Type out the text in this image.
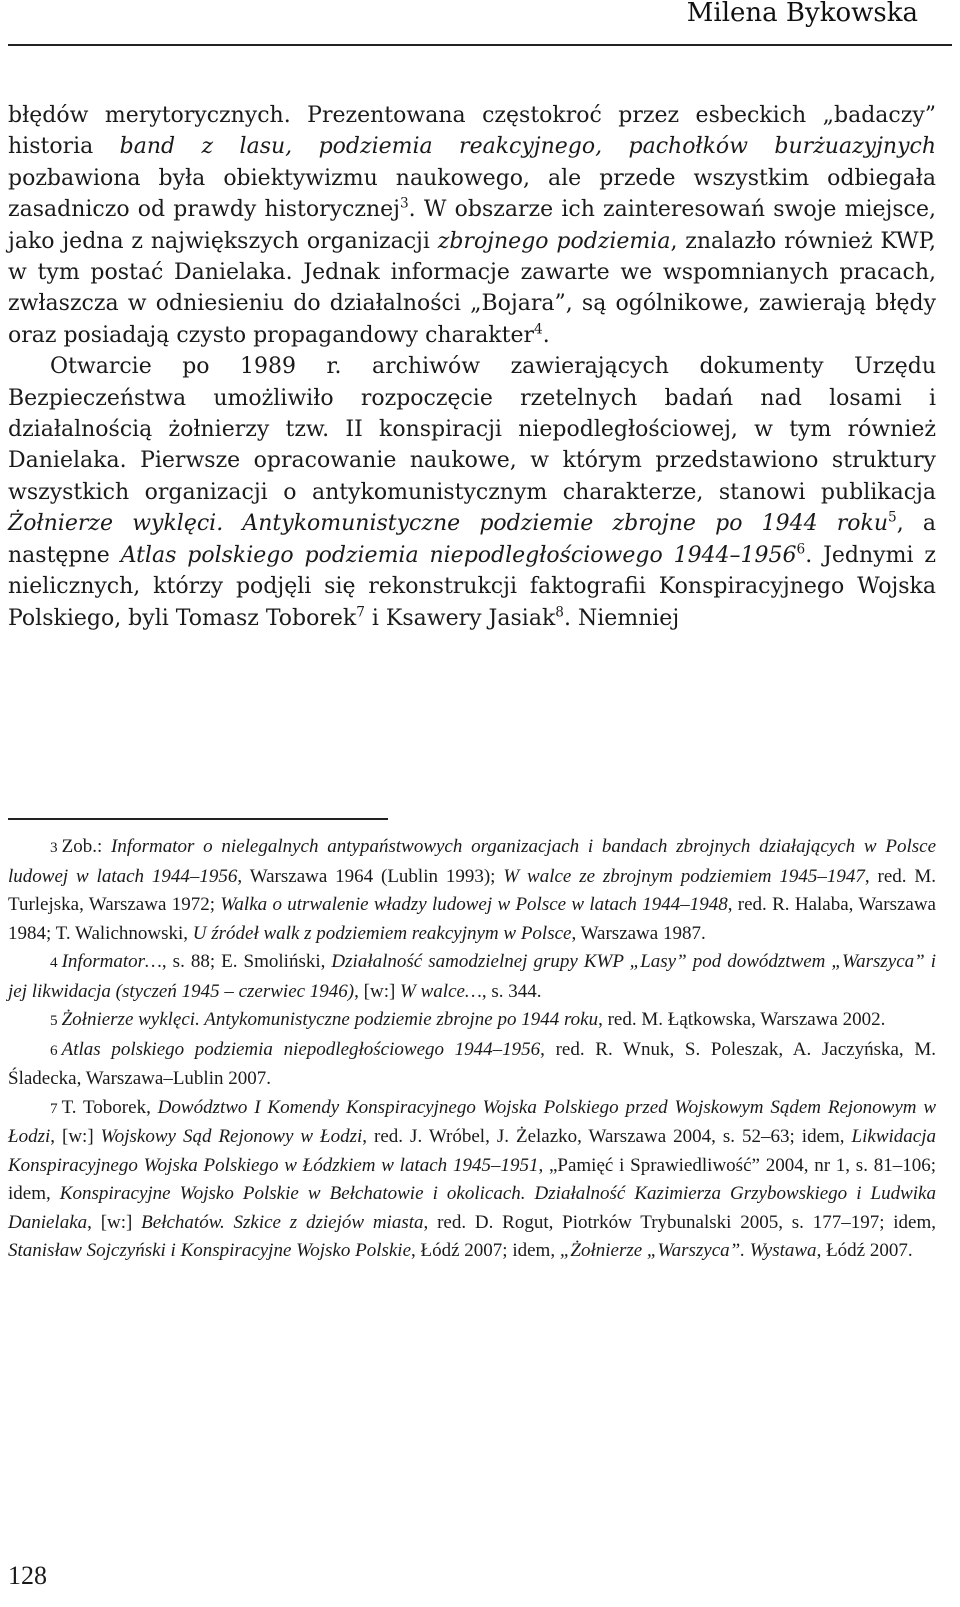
Milena Bykowska

błędów merytorycznych. Prezentowana częstokroć przez esbeckich „badaczy” historia band z lasu, podziemia reakcyjnego, pachołków burżuazyjnych pozbawiona była obiektywizmu naukowego, ale przede wszystkim odbiegała zasadniczo od prawdy historycznej$^3$. W obszarze ich zainteresowań swoje miejsce, jako jedna z największych organizacji zbrojnego podziemia, znalazło również KWP, w tym postać Danielaka. Jednak informacje zawarte we wspomnianych pracach, zwłaszcza w odniesieniu do działalności „Bojara”, są ogólnikowe, zawierają błędy oraz posiadają czysto propagandowy charakter$^4$.

Otwarcie po 1989 r. archiwów zawierających dokumenty Urzędu Bezpieczeństwa umożliwiło rozpoczęcie rzetelnych badań nad losami i działalnością żołnierzy tzw. II konspiracji niepodległościowej, w tym również Danielaka. Pierwsze opracowanie naukowe, w którym przedstawiono struktury wszystkich organizacji o antykomunistycznym charakterze, stanowi publikacja Żołnierze wyklęci. Antykomunistyczne podziemie zbrojne po 1944 roku$^5$, a następne Atlas polskiego podziemia niepodległościowego 1944–1956$^6$. Jednymi z nielicznych, którzy podjęli się rekonstrukcji faktografii Konspiracyjnego Wojska Polskiego, byli Tomasz Toborek$^7$ i Ksawery Jasiak$^8$. Niemniej

3 Zob.: Informator o nielegalnych antypaństwowych organizacjach i bandach zbrojnych działających w Polsce ludowej w latach 1944–1956, Warszawa 1964 (Lublin 1993); W walce ze zbrojnym podziemiem 1945–1947, red. M. Turlejska, Warszawa 1972; Walka o utrwalenie władzy ludowej w Polsce w latach 1944–1948, red. R. Halaba, Warszawa 1984; T. Walichnowski, U źródeł walk z podziemiem reakcyjnym w Polsce, Warszawa 1987.

4 Informator…, s. 88; E. Smoliński, Działalność samodzielnej grupy KWP „Lasy” pod dowództwem „Warszyca” i jej likwidacja (styczeń 1945 – czerwiec 1946), [w:] W walce…, s. 344.

5 Żołnierze wyklęci. Antykomunistyczne podziemie zbrojne po 1944 roku, red. M. Łątkowska, Warszawa 2002.

6 Atlas polskiego podziemia niepodległościowego 1944–1956, red. R. Wnuk, S. Poleszak, A. Jaczyńska, M. Śladecka, Warszawa–Lublin 2007.

7 T. Toborek, Dowództwo I Komendy Konspiracyjnego Wojska Polskiego przed Wojskowym Sądem Rejonowym w Łodzi, [w:] Wojskowy Sąd Rejonowy w Łodzi, red. J. Wróbel, J. Żelazko, Warszawa 2004, s. 52–63; idem, Likwidacja Konspiracyjnego Wojska Polskiego w Łódzkiem w latach 1945–1951, „Pamięć i Sprawiedliwość” 2004, nr 1, s. 81–106; idem, Konspiracyjne Wojsko Polskie w Bełchatowie i okolicach. Działalność Kazimierza Grzybowskiego i Ludwika Danielaka, [w:] Bełchatów. Szkice z dziejów miasta, red. D. Rogut, Piotrków Trybunalski 2005, s. 177–197; idem, Stanisław Sojczyński i Konspiracyjne Wojsko Polskie, Łódź 2007; idem, „Żołnierze „Warszyca”. Wystawa, Łódź 2007.

128
